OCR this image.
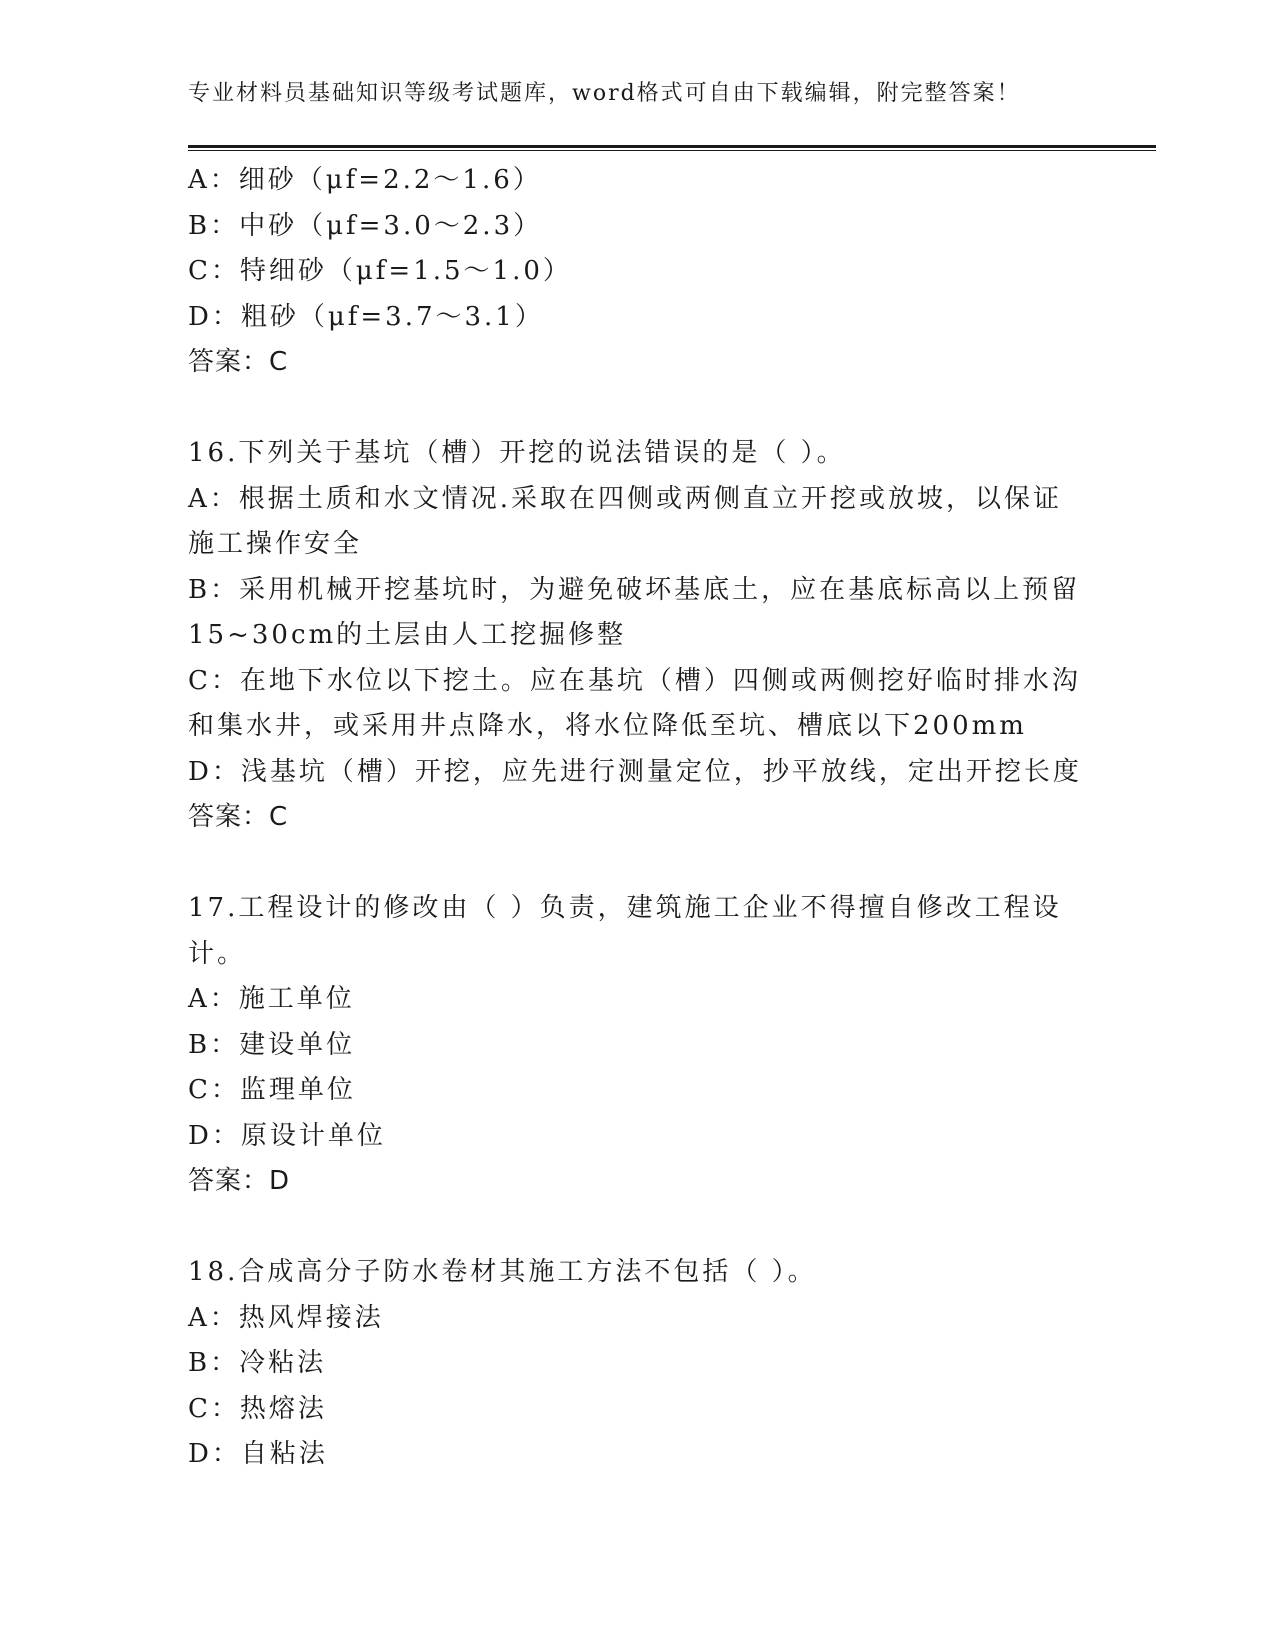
专业材料员基础知识等级考试题库，word格式可自由下载编辑，附完整答案！
A：细砂（μf=2.2～1.6）
B：中砂（μf=3.0～2.3）
C：特细砂（μf=1.5～1.0）
D：粗砂（μf=3.7～3.1）
答案：C
16.下列关于基坑（槽）开挖的说法错误的是（ ）。
A：根据土质和水文情况.采取在四侧或两侧直立开挖或放坡，以保证
施工操作安全
B：采用机械开挖基坑时，为避免破坏基底土，应在基底标高以上预留
15~30cm的土层由人工挖掘修整
C：在地下水位以下挖土。应在基坑（槽）四侧或两侧挖好临时排水沟
和集水井，或采用井点降水，将水位降低至坑、槽底以下200mm
D：浅基坑（槽）开挖，应先进行测量定位，抄平放线，定出开挖长度
答案：C
17.工程设计的修改由（ ）负责，建筑施工企业不得擅自修改工程设
计。
A：施工单位
B：建设单位
C：监理单位
D：原设计单位
答案：D
18.合成高分子防水卷材其施工方法不包括（ ）。
A：热风焊接法
B：冷粘法
C：热熔法
D：自粘法
